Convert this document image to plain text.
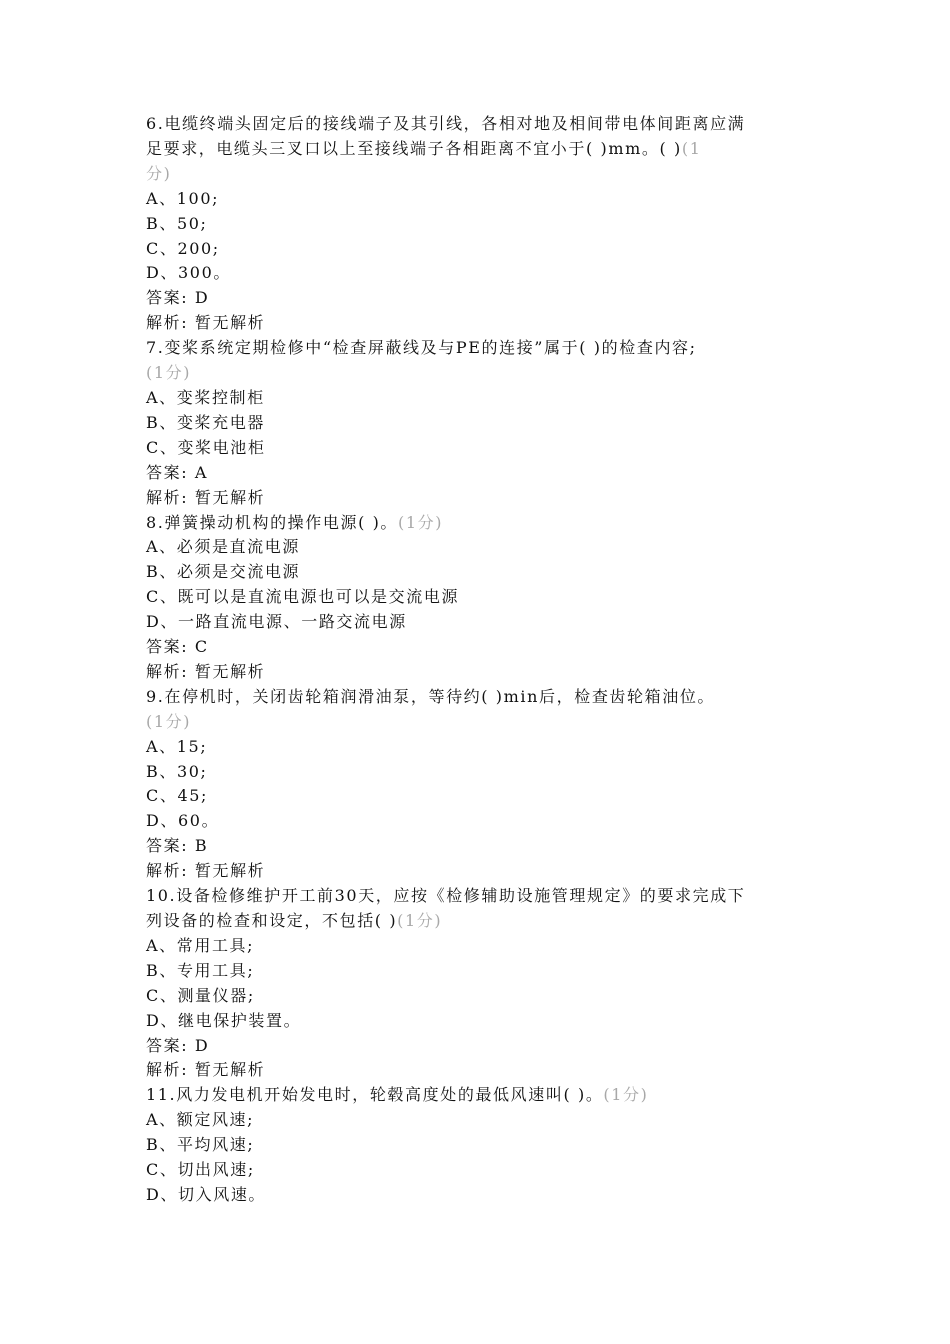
6.电缆终端头固定后的接线端子及其引线，各相对地及相间带电体间距离应满
足要求，电缆头三叉口以上至接线端子各相距离不宜小于( )mm。( )(1
分)
A、100;
B、50;
C、200;
D、300。
答案: D
解析: 暂无解析
7.变桨系统定期检修中“检查屏蔽线及与PE的连接”属于( )的检查内容;
(1分)
A、变桨控制柜
B、变桨充电器
C、变桨电池柜
答案: A
解析: 暂无解析
8.弹簧操动机构的操作电源( )。(1分)
A、必须是直流电源
B、必须是交流电源
C、既可以是直流电源也可以是交流电源
D、一路直流电源、一路交流电源
答案: C
解析: 暂无解析
9.在停机时，关闭齿轮箱润滑油泵，等待约( )min后，检查齿轮箱油位。
(1分)
A、15;
B、30;
C、45;
D、60。
答案: B
解析: 暂无解析
10.设备检修维护开工前30天，应按《检修辅助设施管理规定》的要求完成下
列设备的检查和设定，不包括( )(1分)
A、常用工具;
B、专用工具;
C、测量仪器;
D、继电保护装置。
答案: D
解析: 暂无解析
11.风力发电机开始发电时，轮毂高度处的最低风速叫( )。(1分)
A、额定风速;
B、平均风速;
C、切出风速;
D、切入风速。
